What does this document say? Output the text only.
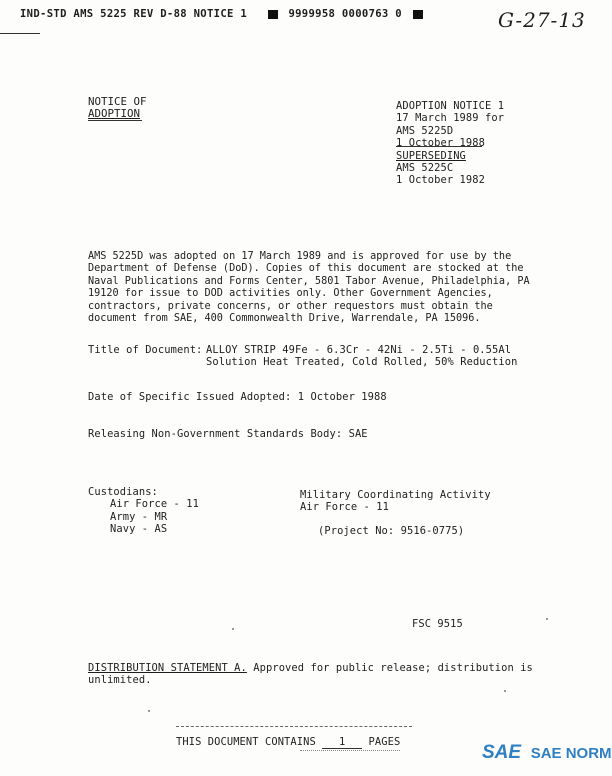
IND-STD AMS 5225 REV D-88 NOTICE 1	9999958 0000763 0	G-27-13
NOTICE OF
ADOPTION
ADOPTION NOTICE 1
17 March 1989 for
AMS 5225D
1 October 1988
SUPERSEDING
AMS 5225C
1 October 1982
AMS 5225D was adopted on 17 March 1989 and is approved for use by the
Department of Defense (DoD). Copies of this document are stocked at the
Naval Publications and Forms Center, 5801 Tabor Avenue, Philadelphia, PA
19120 for issue to DOD activities only. Other Government Agencies,
contractors, private concerns, or other requestors must obtain the
document from SAE, 400 Commonwealth Drive, Warrendale, PA 15096.
Title of Document: ALLOY STRIP 49Fe - 6.3Cr - 42Ni - 2.5Ti - 0.55Al
Solution Heat Treated, Cold Rolled, 50% Reduction
Date of Specific Issued Adopted: 1 October 1988
Releasing Non-Government Standards Body: SAE
Custodians:
Air Force - 11
Army - MR
Navy - AS
Military Coordinating Activity
Air Force - 11
(Project No: 9516-0775)
FSC 9515
DISTRIBUTION STATEMENT A. Approved for public release; distribution is
unlimited.
THIS DOCUMENT CONTAINS 1 PAGES	SAE SAE NORM
